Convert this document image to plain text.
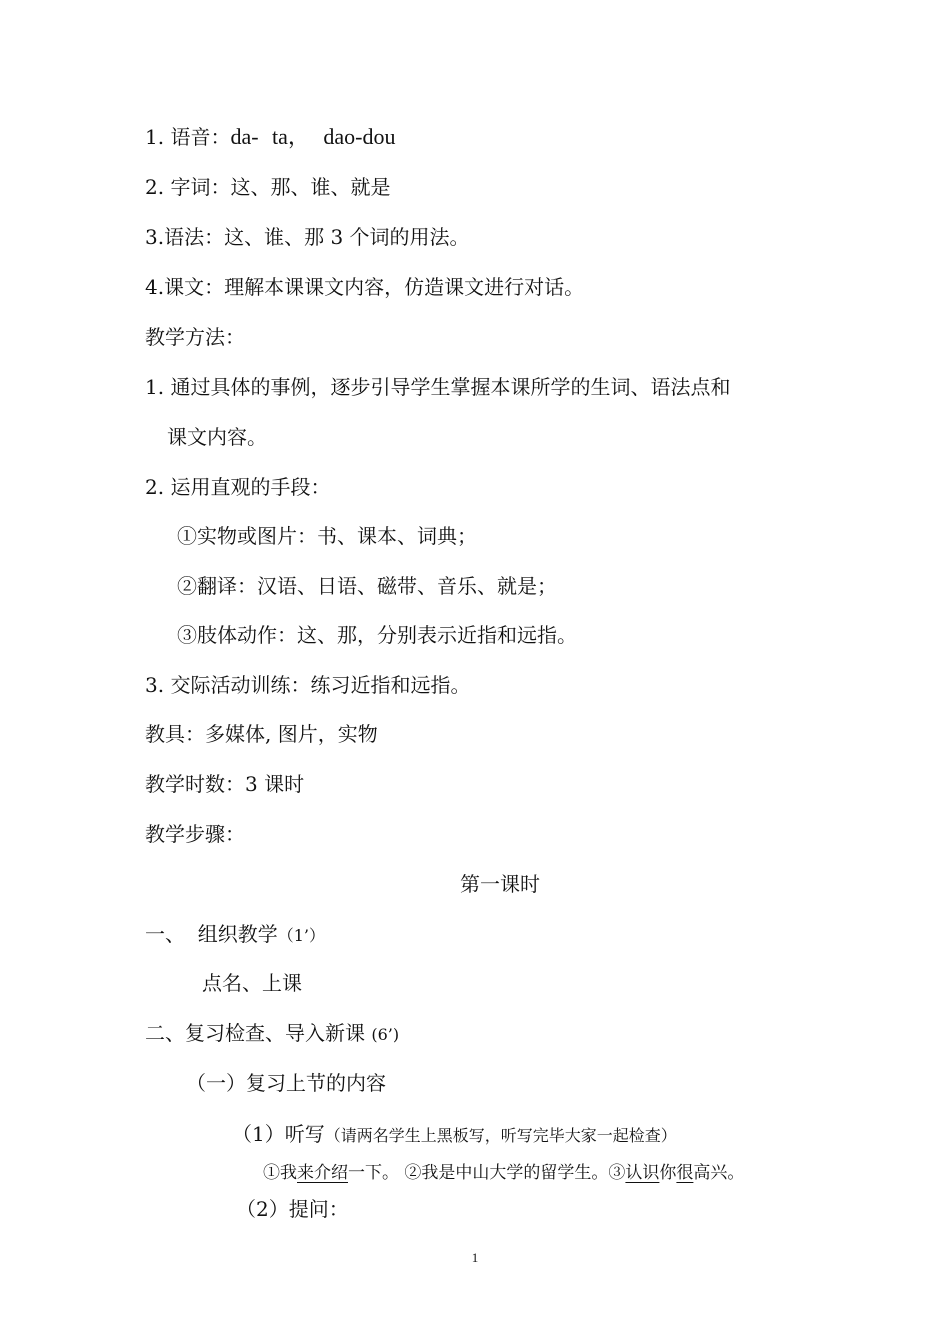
1. 语音：da- ta， dao-dou
2. 字词：这、那、谁、就是
3.语法：这、谁、那 3 个词的用法。
4.课文：理解本课课文内容，仿造课文进行对话。
教学方法：
1. 通过具体的事例，逐步引导学生掌握本课所学的生词、语法点和
课文内容。
2. 运用直观的手段：
①实物或图片：书、课本、词典；
②翻译：汉语、日语、磁带、音乐、就是；
③肢体动作：这、那，分别表示近指和远指。
3. 交际活动训练：练习近指和远指。
教具：多媒体, 图片，实物
教学时数：3 课时
教学步骤：
第一课时
一、  组织教学（1’）
点名、上课
二、复习检查、导入新课 (6’)
（一）复习上节的内容
（1）听写（请两名学生上黑板写，听写完毕大家一起检查）
①我来介绍一下。 ②我是中山大学的留学生。③认识你很高兴。
（2）提问：
1
